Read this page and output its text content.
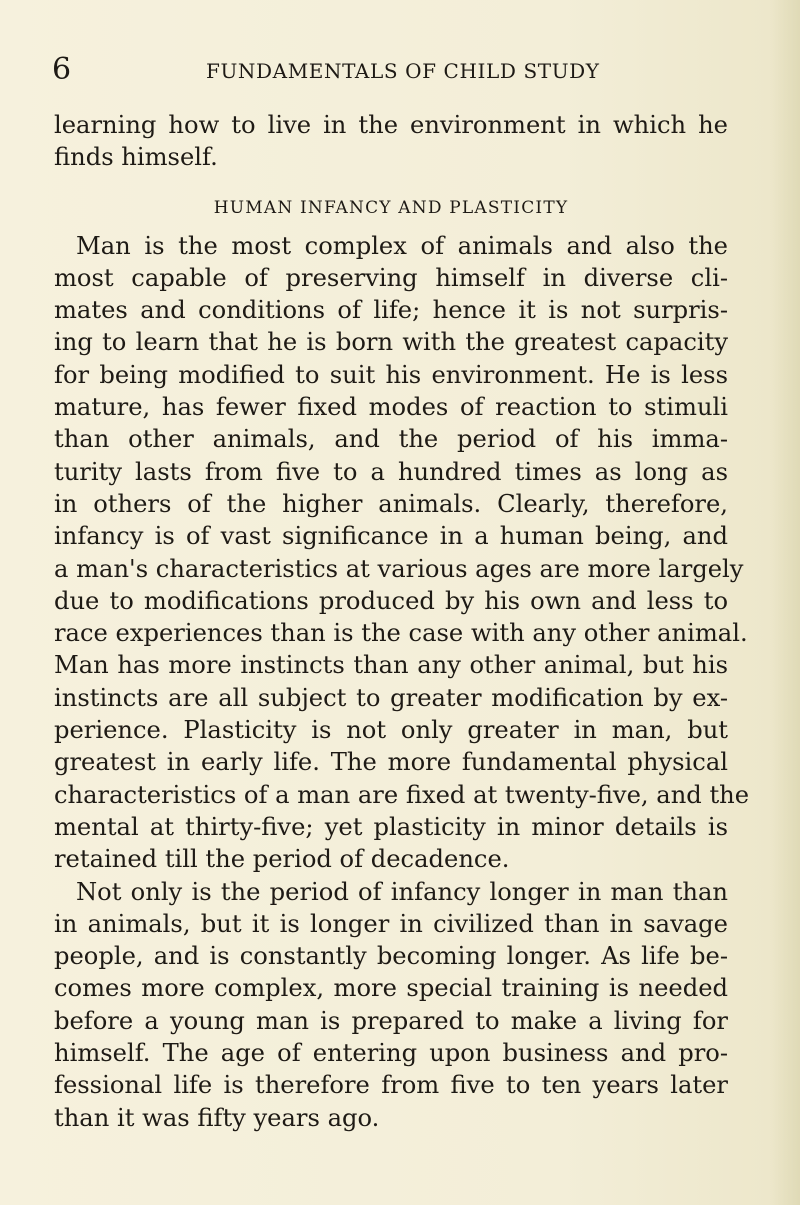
6	FUNDAMENTALS OF CHILD STUDY
learning how to live in the environment in which he
finds himself.
HUMAN INFANCY AND PLASTICITY
Man is the most complex of animals and also the
most capable of preserving himself in diverse cli-
mates and conditions of life; hence it is not surpris-
ing to learn that he is born with the greatest capacity
for being modified to suit his environment. He is less
mature, has fewer fixed modes of reaction to stimuli
than other animals, and the period of his imma-
turity lasts from five to a hundred times as long as
in others of the higher animals. Clearly, therefore,
infancy is of vast significance in a human being, and
a man's characteristics at various ages are more largely
due to modifications produced by his own and less to
race experiences than is the case with any other animal.
Man has more instincts than any other animal, but his
instincts are all subject to greater modification by ex-
perience. Plasticity is not only greater in man, but
greatest in early life. The more fundamental physical
characteristics of a man are fixed at twenty-five, and the
mental at thirty-five; yet plasticity in minor details is
retained till the period of decadence.
Not only is the period of infancy longer in man than
in animals, but it is longer in civilized than in savage
people, and is constantly becoming longer. As life be-
comes more complex, more special training is needed
before a young man is prepared to make a living for
himself. The age of entering upon business and pro-
fessional life is therefore from five to ten years later
than it was fifty years ago.
